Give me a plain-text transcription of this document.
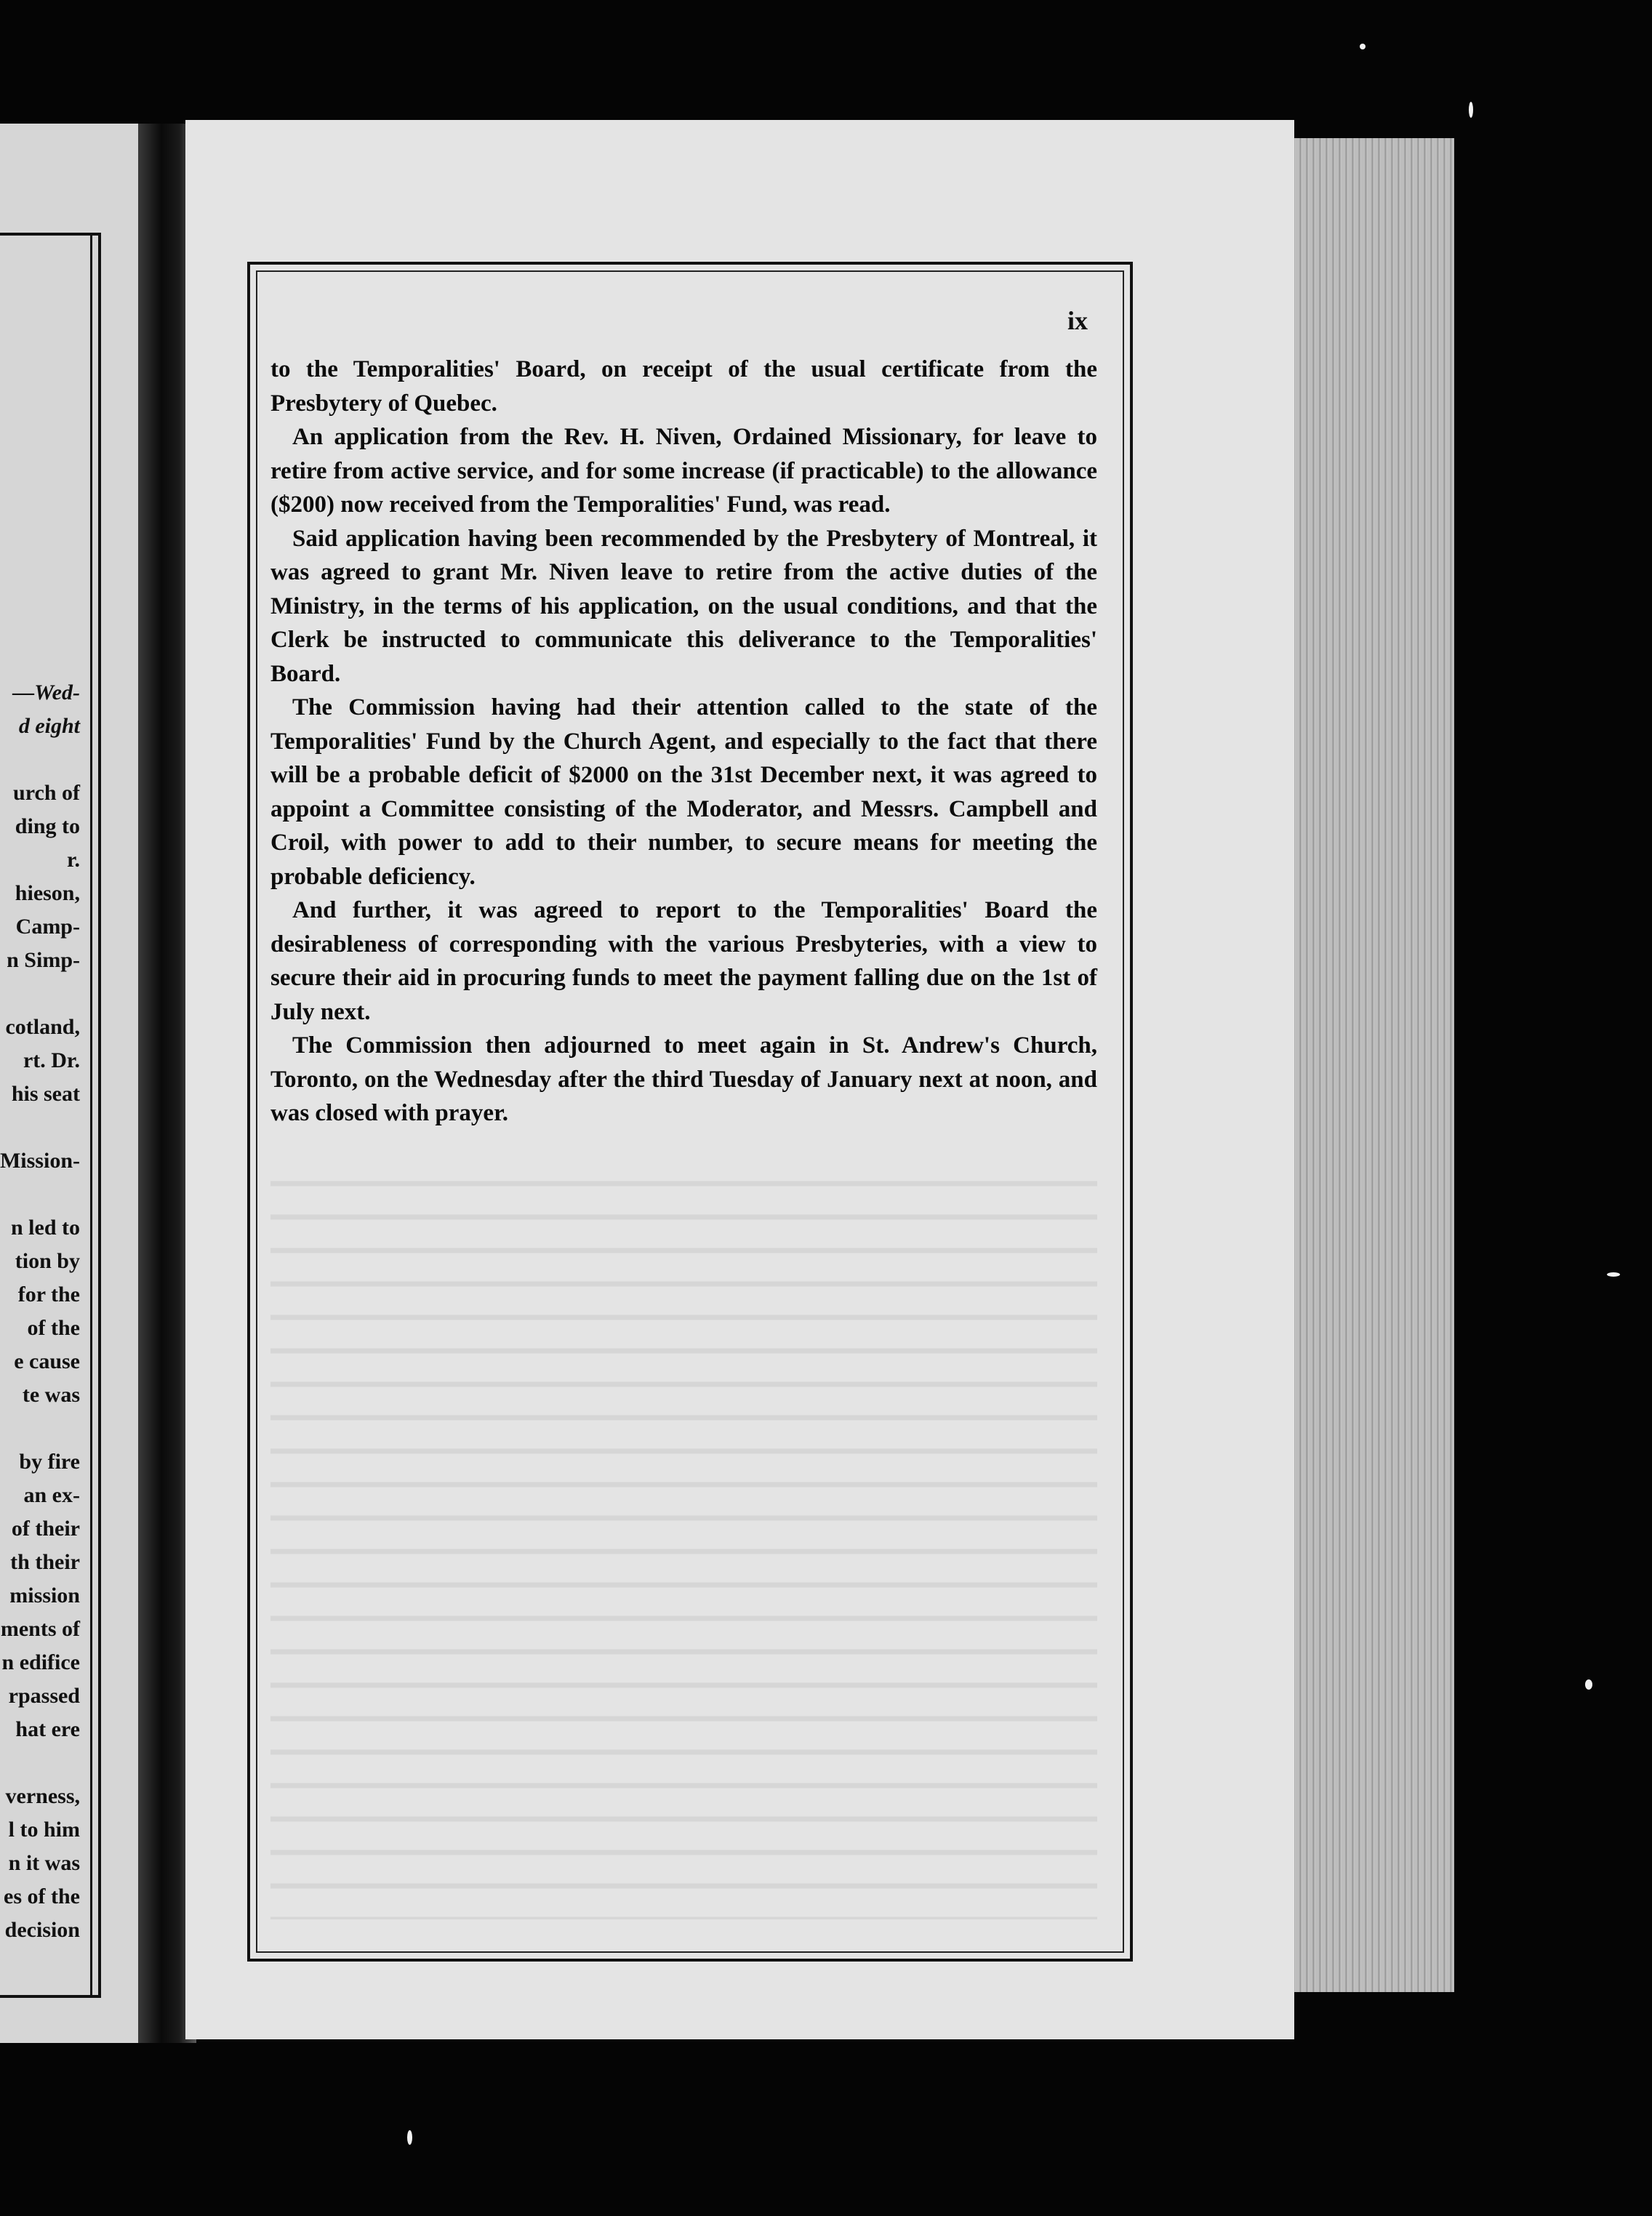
—Wed-
d eight

urch of
ding to
r.
hieson,
Camp-
n Simp-

cotland,
rt. Dr.
his seat

Mission-

n led to
tion by
for the
of the
e cause
te was

by fire
an ex-
of their
th their
mission
ments of
n edifice
rpassed
hat ere

verness,
l to him
n it was
es of the
decision
ix

to the Temporalities' Board, on receipt of the usual certificate from the Presbytery of Quebec.

An application from the Rev. H. Niven, Ordained Missionary, for leave to retire from active service, and for some increase (if practicable) to the allowance ($200) now received from the Temporalities' Fund, was read.

Said application having been recommended by the Presbytery of Montreal, it was agreed to grant Mr. Niven leave to retire from the active duties of the Ministry, in the terms of his application, on the usual conditions, and that the Clerk be instructed to communicate this deliverance to the Temporalities' Board.

The Commission having had their attention called to the state of the Temporalities' Fund by the Church Agent, and especially to the fact that there will be a probable deficit of $2000 on the 31st December next, it was agreed to appoint a Committee consisting of the Moderator, and Messrs. Campbell and Croil, with power to add to their number, to secure means for meeting the probable deficiency.

And further, it was agreed to report to the Temporalities' Board the desirableness of corresponding with the various Presbyteries, with a view to secure their aid in procuring funds to meet the payment falling due on the 1st of July next.

The Commission then adjourned to meet again in St. Andrew's Church, Toronto, on the Wednesday after the third Tuesday of January next at noon, and was closed with prayer.
